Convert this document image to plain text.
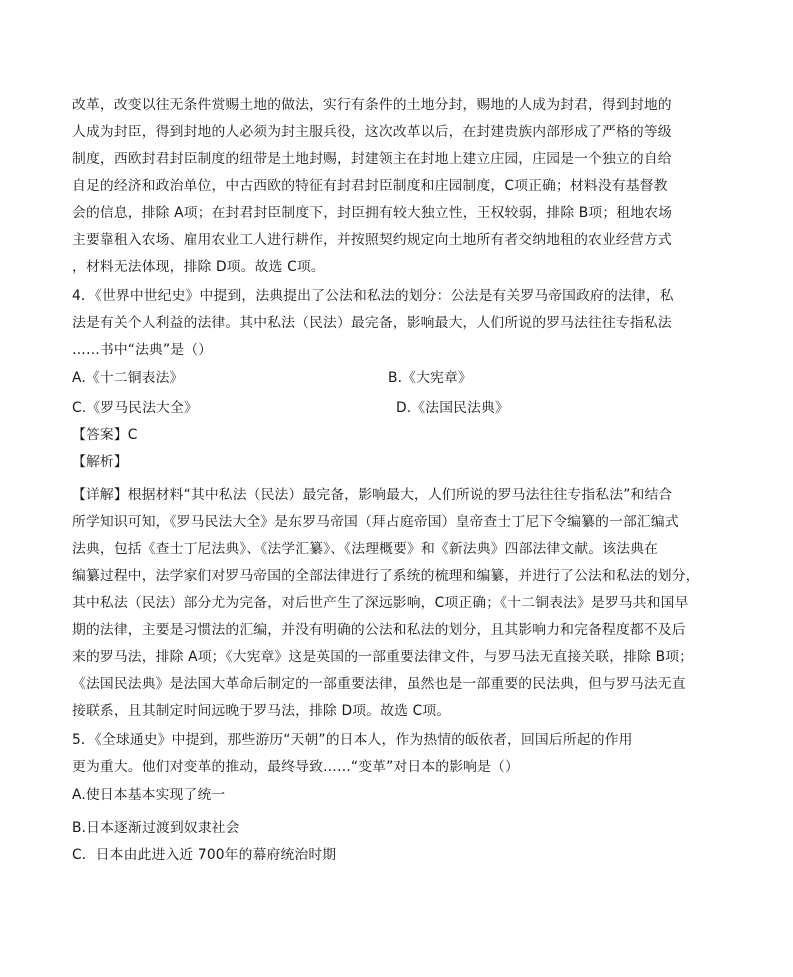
改革，改变以往无条件赏赐土地的做法，实行有条件的土地分封，赐地的人成为封君，得到封地的
人成为封臣，得到封地的人必须为封主服兵役，这次改革以后，在封建贵族内部形成了严格的等级
制度，西欧封君封臣制度的纽带是土地封赐，封建领主在封地上建立庄园，庄园是一个独立的自给
自足的经济和政治单位，中古西欧的特征有封君封臣制度和庄园制度，C项正确；材料没有基督教
会的信息，排除 A项；在封君封臣制度下，封臣拥有较大独立性，王权较弱，排除 B项；租地农场
主要靠租入农场、雇用农业工人进行耕作，并按照契约规定向土地所有者交纳地租的农业经营方式
，材料无法体现，排除 D项。故选 C项。
4．《世界中世纪史》中提到，法典提出了公法和私法的划分：公法是有关罗马帝国政府的法律，私
法是有关个人利益的法律。其中私法（民法）最完备，影响最大，人们所说的罗马法往往专指私法
……书中“法典”是（）
A.《十二铜表法》	B.《大宪章》
C.《罗马民法大全》	D.《法国民法典》
【答案】C
【解析】
【详解】根据材料“其中私法（民法）最完备，影响最大，人们所说的罗马法往往专指私法”和结合
所学知识可知，《罗马民法大全》是东罗马帝国（拜占庭帝国）皇帝查士丁尼下令编纂的一部汇编式
法典，包括《查士丁尼法典》、《法学汇纂》、《法理概要》和《新法典》四部法律文献。该法典在
编纂过程中，法学家们对罗马帝国的全部法律进行了系统的梳理和编纂，并进行了公法和私法的划分，
其中私法（民法）部分尤为完备，对后世产生了深远影响，C项正确；《十二铜表法》是罗马共和国早
期的法律，主要是习惯法的汇编，并没有明确的公法和私法的划分，且其影响力和完备程度都不及后
来的罗马法，排除 A项；《大宪章》这是英国的一部重要法律文件，与罗马法无直接关联，排除 B项；
《法国民法典》是法国大革命后制定的一部重要法律，虽然也是一部重要的民法典，但与罗马法无直
接联系，且其制定时间远晚于罗马法，排除 D项。故选 C项。
5．《全球通史》中提到，那些游历“天朝”的日本人，作为热情的皈依者，回国后所起的作用
更为重大。他们对变革的推动，最终导致……“变革”对日本的影响是（）
A.使日本基本实现了统一
B.日本逐渐过渡到奴隶社会
C．日本由此进入近 700年的幕府统治时期
